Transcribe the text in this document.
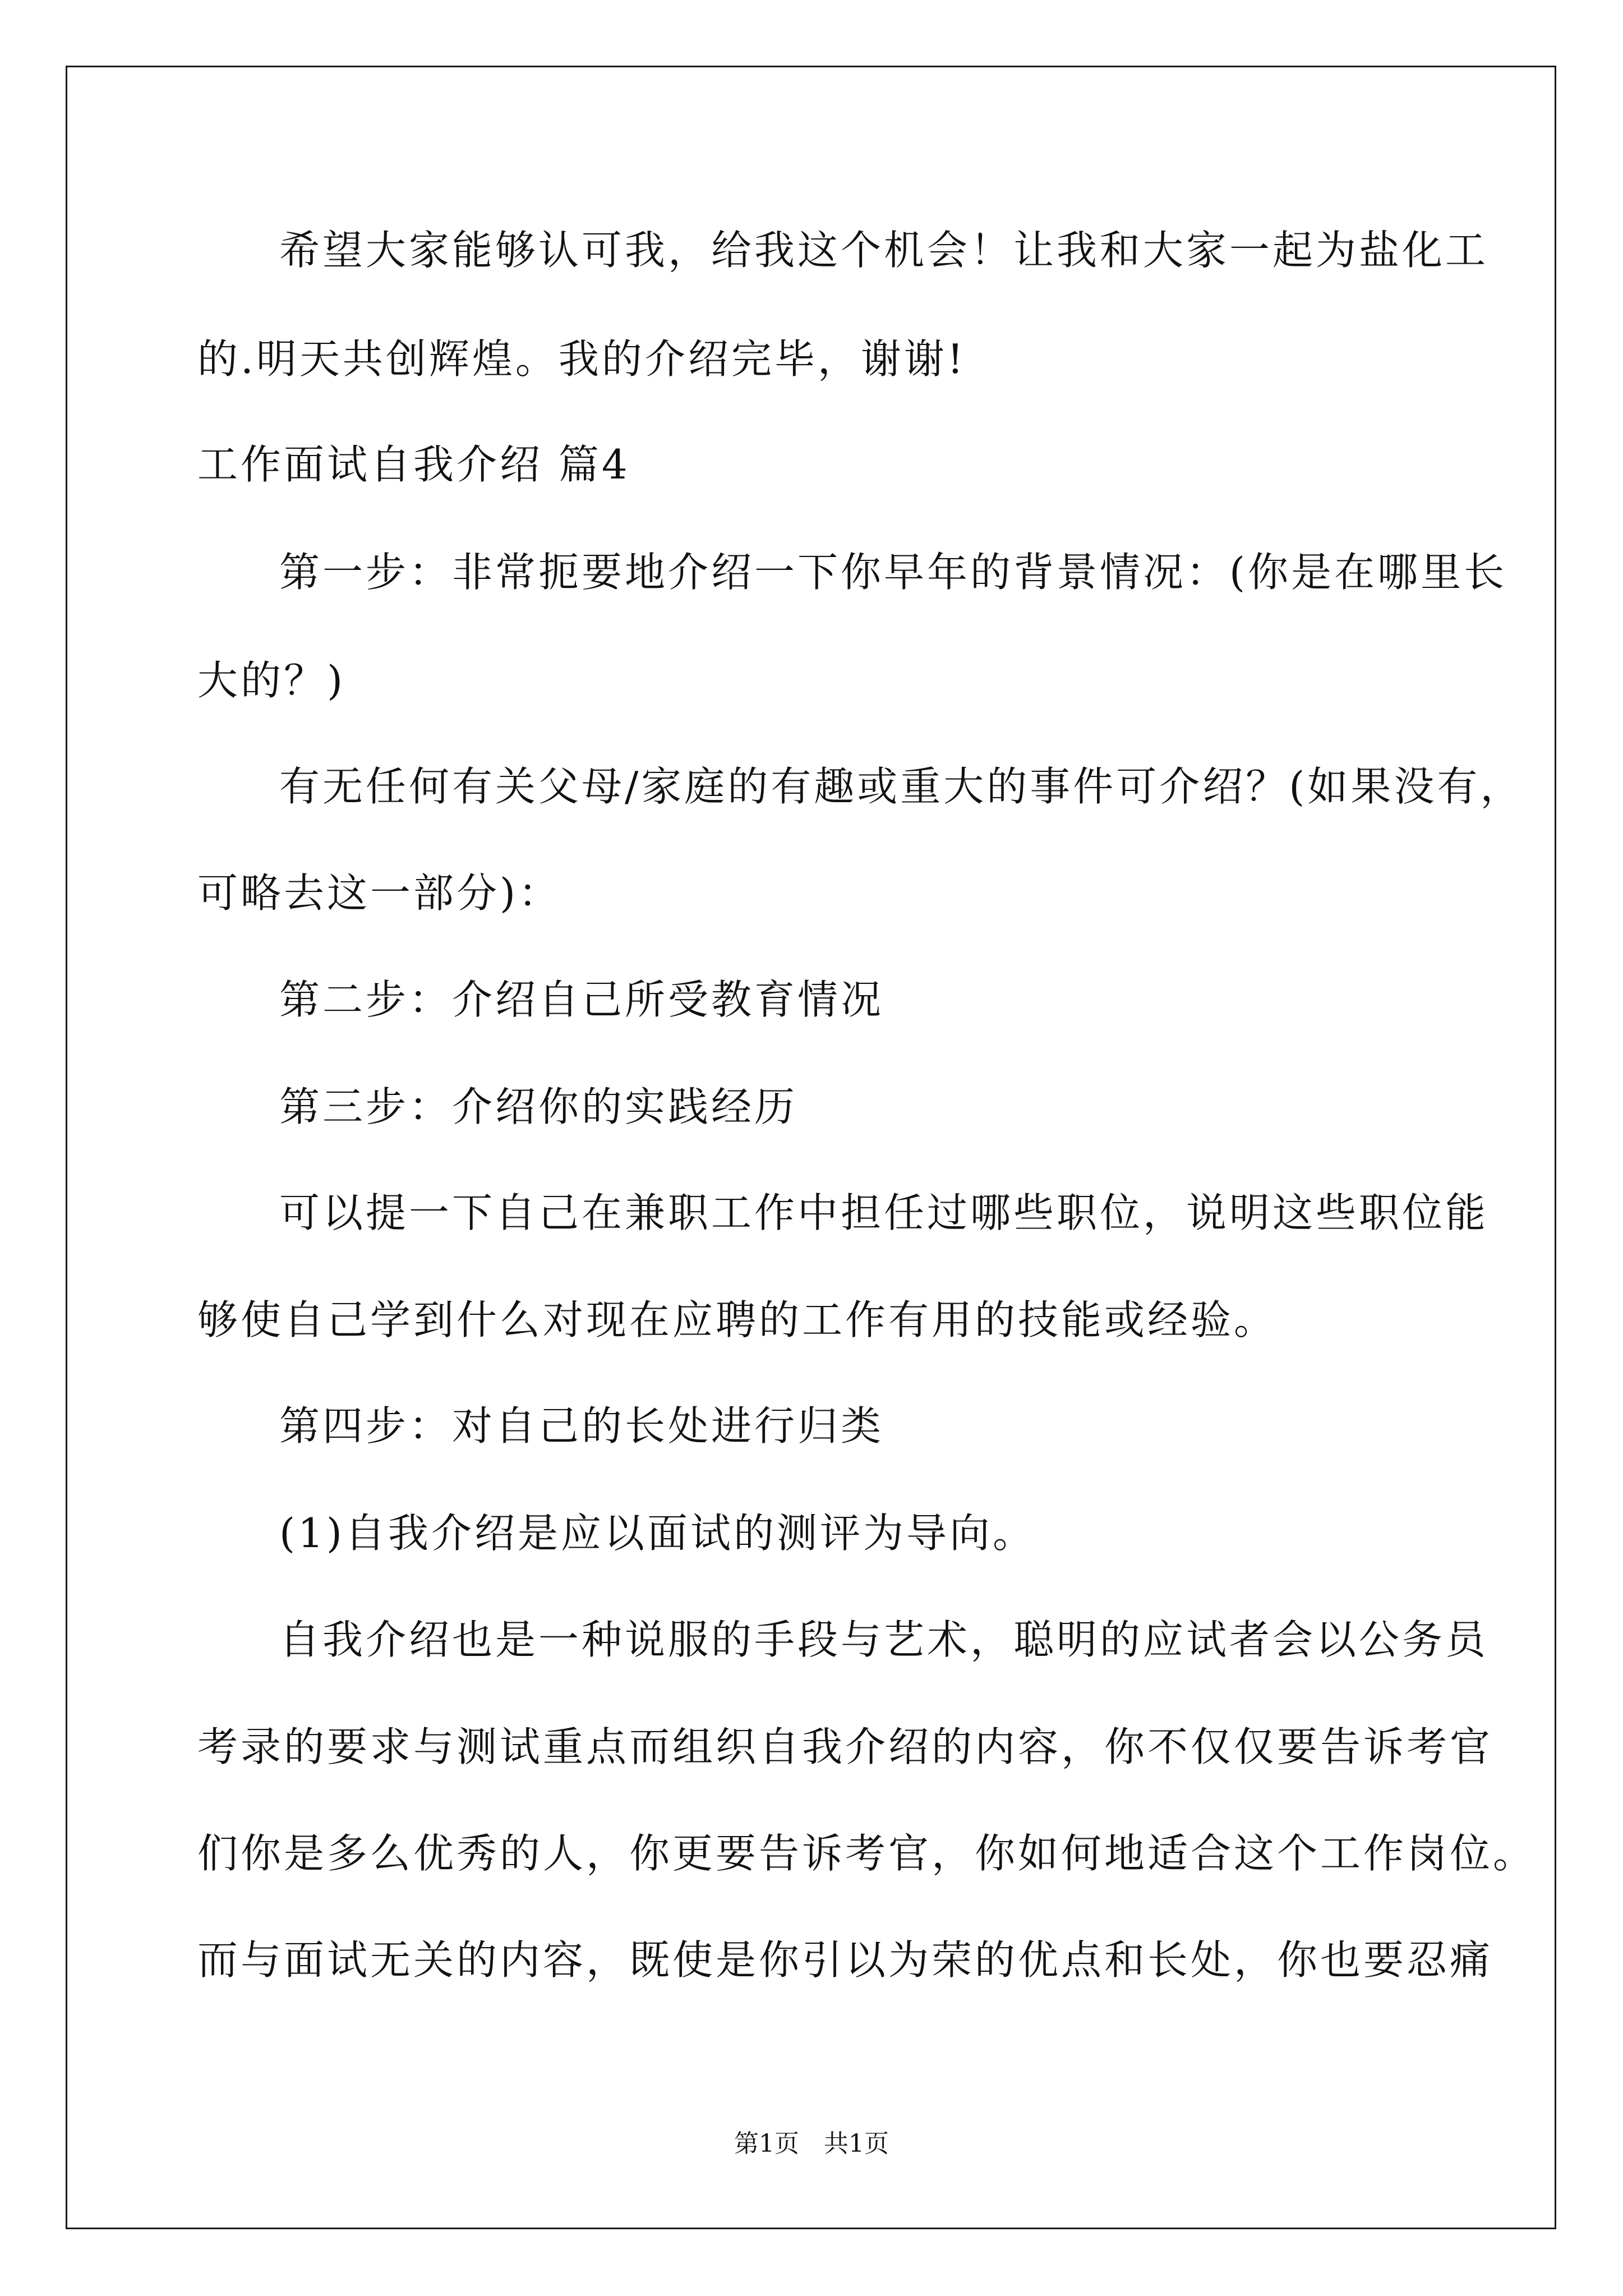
希望大家能够认可我，给我这个机会！让我和大家一起为盐化工
的.明天共创辉煌。我的介绍完毕，谢谢!
工作面试自我介绍 篇4
第一步：非常扼要地介绍一下你早年的背景情况：(你是在哪里长
大的？)
有无任何有关父母/家庭的有趣或重大的事件可介绍？(如果没有，
可略去这一部分)：
第二步：介绍自己所受教育情况
第三步：介绍你的实践经历
可以提一下自己在兼职工作中担任过哪些职位，说明这些职位能
够使自己学到什么对现在应聘的工作有用的技能或经验。
第四步：对自己的长处进行归类
(1)自我介绍是应以面试的测评为导向。
自我介绍也是一种说服的手段与艺术，聪明的应试者会以公务员
考录的要求与测试重点而组织自我介绍的内容，你不仅仅要告诉考官
们你是多么优秀的人，你更要告诉考官，你如何地适合这个工作岗位。
而与面试无关的内容，既使是你引以为荣的优点和长处，你也要忍痛
第1页　共1页
